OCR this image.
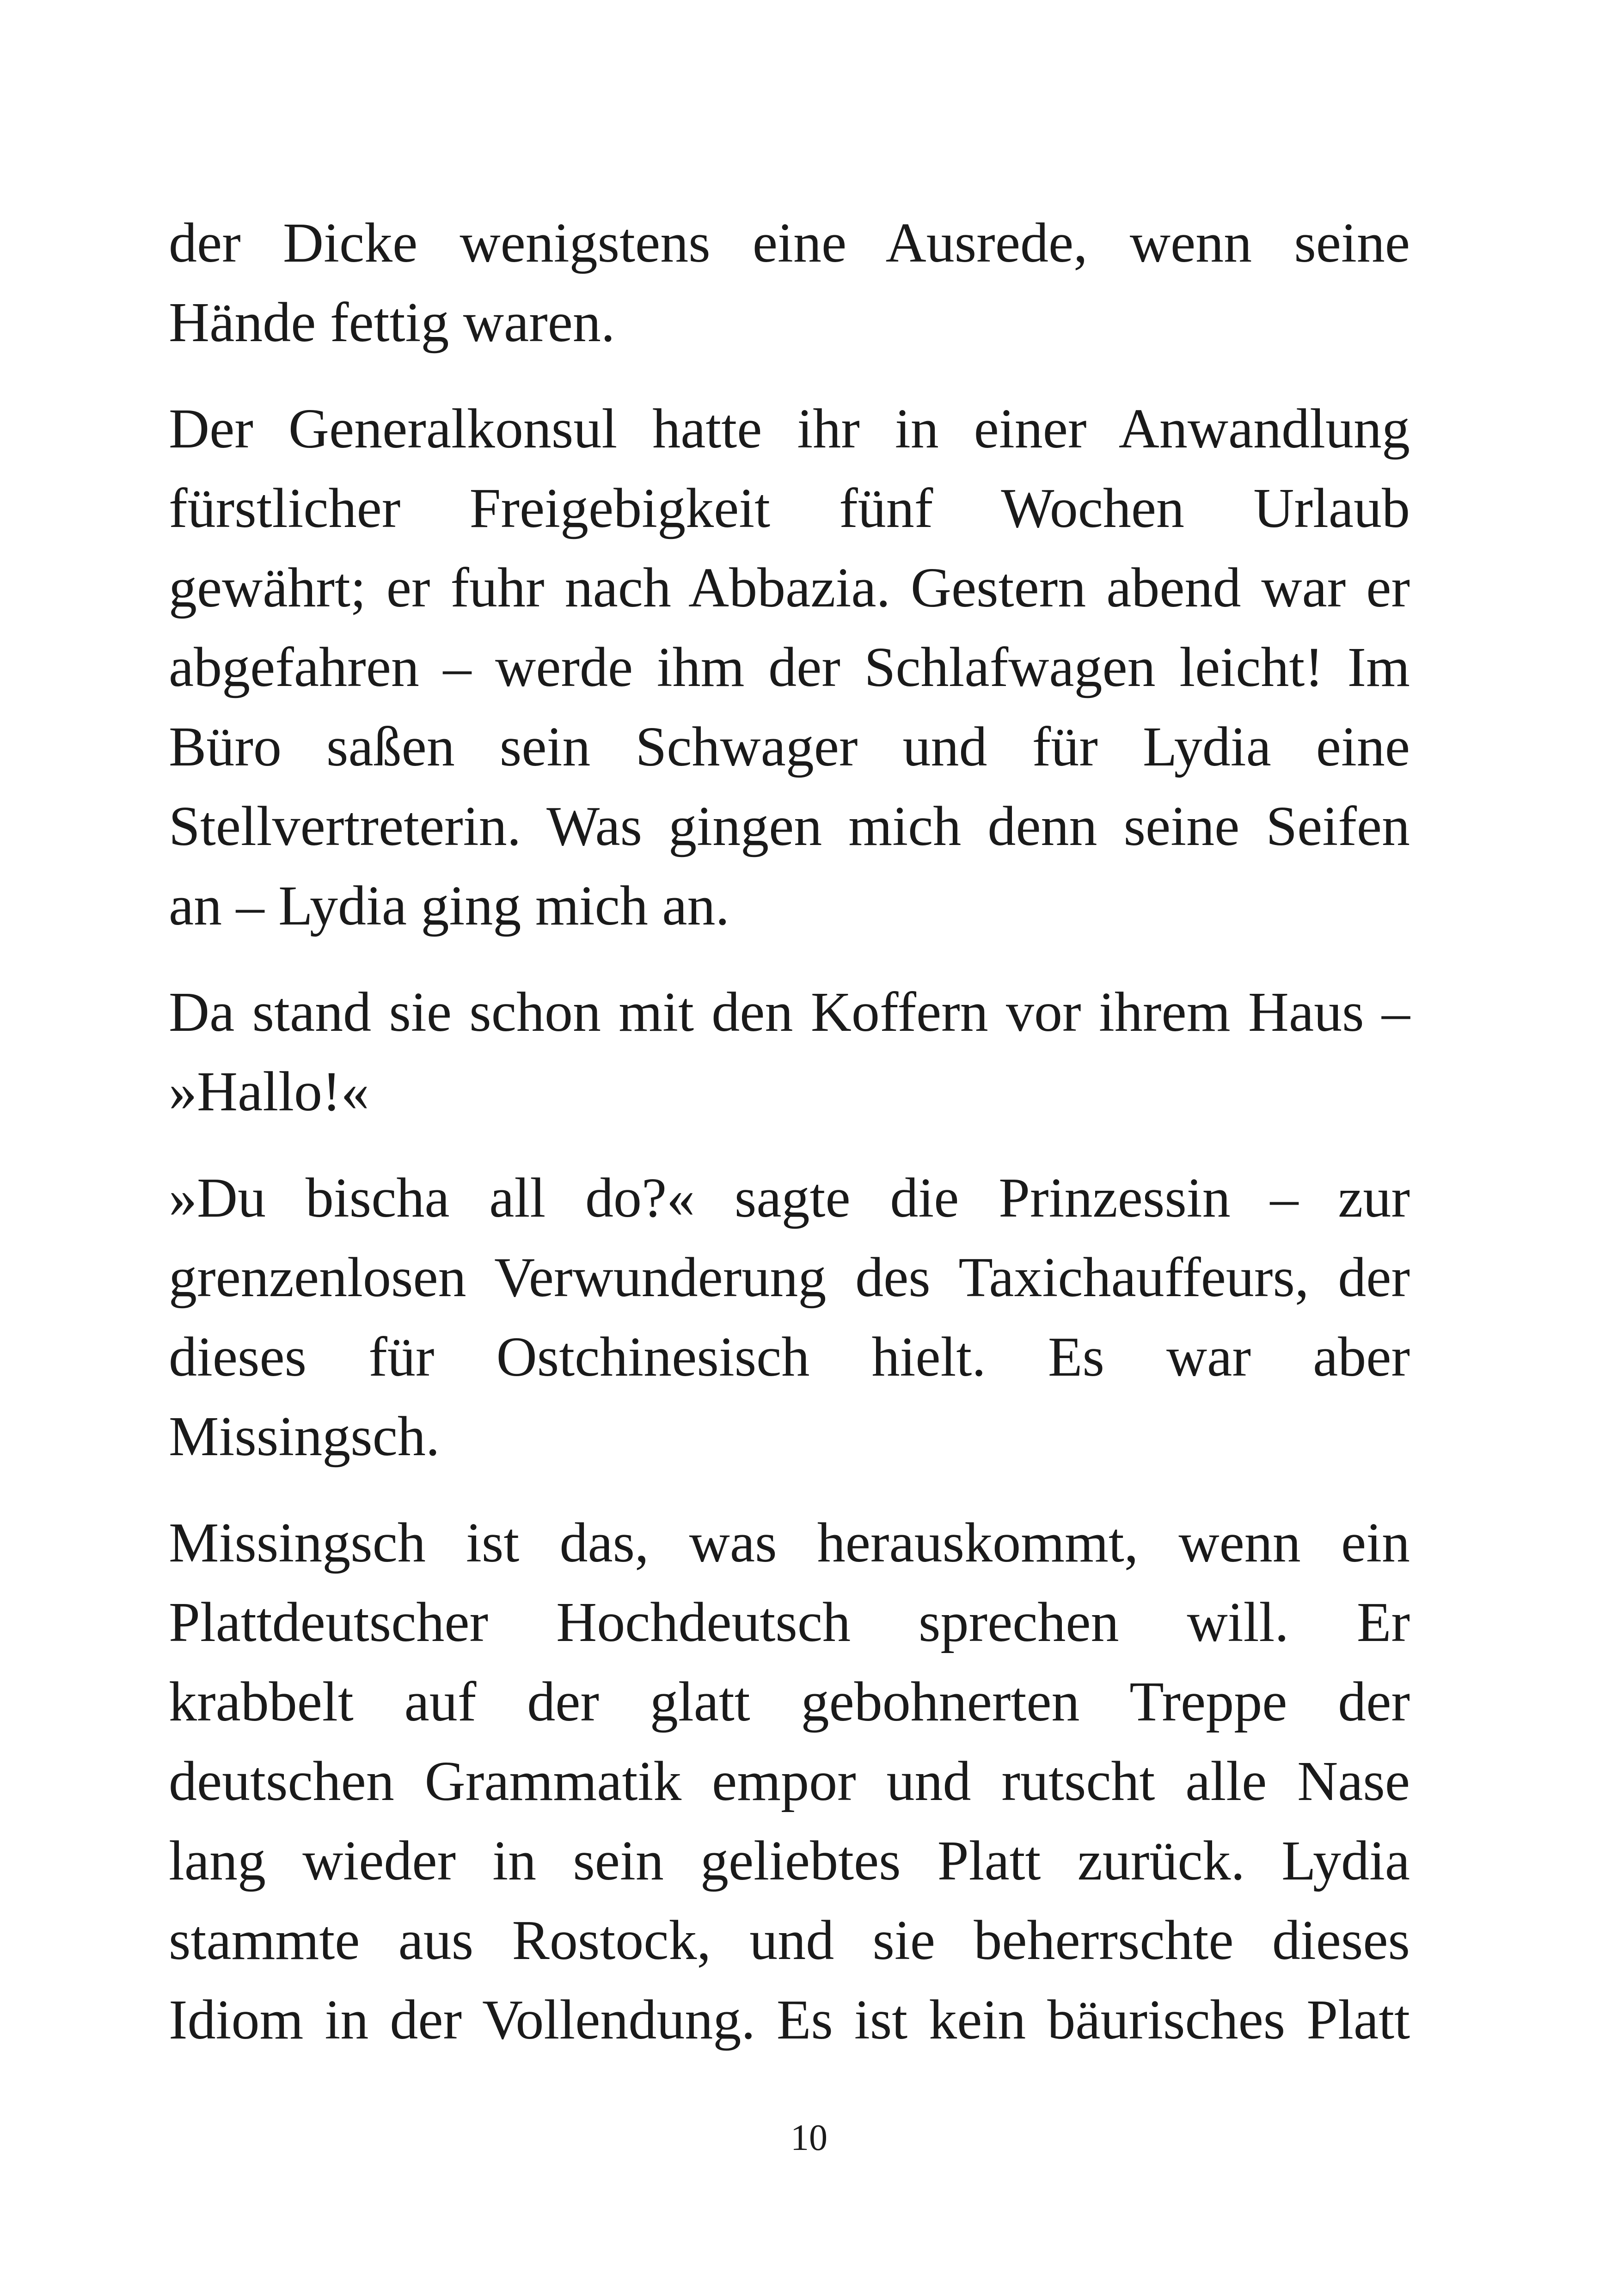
der Dicke wenigstens eine Ausrede, wenn seine
Hände fettig waren.
Der Generalkonsul hatte ihr in einer Anwandlung
fürstlicher Freigebigkeit fünf Wochen Urlaub
gewährt; er fuhr nach Abbazia. Gestern abend war er
abgefahren – werde ihm der Schlafwagen leicht! Im
Büro saßen sein Schwager und für Lydia eine
Stellvertreterin. Was gingen mich denn seine Seifen
an – Lydia ging mich an.
Da stand sie schon mit den Koffern vor ihrem Haus –
»Hallo!«
»Du bischa all do?« sagte die Prinzessin – zur
grenzenlosen Verwunderung des Taxichauffeurs, der
dieses für Ostchinesisch hielt. Es war aber
Missingsch.
Missingsch ist das, was herauskommt, wenn ein
Plattdeutscher Hochdeutsch sprechen will. Er
krabbelt auf der glatt gebohnerten Treppe der
deutschen Grammatik empor und rutscht alle Nase
lang wieder in sein geliebtes Platt zurück. Lydia
stammte aus Rostock, und sie beherrschte dieses
Idiom in der Vollendung. Es ist kein bäurisches Platt
10
